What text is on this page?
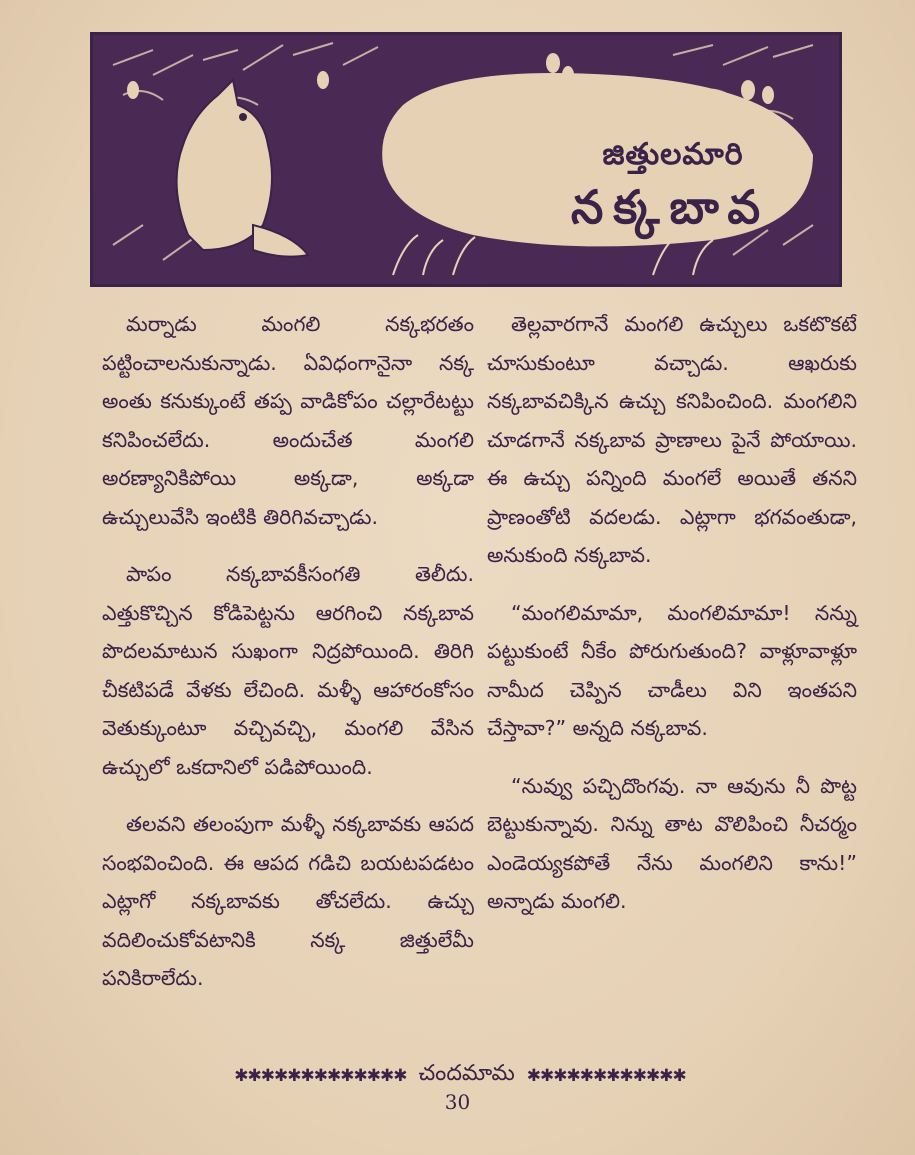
జిత్తులమారి
నక్కబావ

మర్నాడు మంగలి నక్కభరతం పట్టించాలనుకున్నాడు. ఏవిధంగానైనా నక్క అంతు కనుక్కుంటే తప్ప వాడికోపం చల్లారేటట్టు కనిపించలేదు. అందుచేత మంగలి అరణ్యానికిపోయి అక్కడా, అక్కడా ఉచ్చులువేసి ఇంటికి తిరిగివచ్చాడు.

పాపం నక్కబావకీసంగతి తెలీదు. ఎత్తుకొచ్చిన కోడిపెట్టను ఆరగించి నక్కబావ పొదలమాటున సుఖంగా నిద్రపోయింది. తిరిగి చీకటిపడే వేళకు లేచింది. మళ్ళీ ఆహారంకోసం వెతుక్కుంటూ వచ్చివచ్చి, మంగలి వేసిన ఉచ్చులో ఒకదానిలో పడిపోయింది.

తలవని తలంపుగా మళ్ళీ నక్కబావకు ఆపద సంభవించింది. ఈ ఆపద గడిచి బయటపడటం ఎట్లాగో నక్కబావకు తోచలేదు. ఉచ్చు వదిలించుకోవటానికి నక్క జిత్తులేమీ పనికిరాలేదు.

తెల్లవారగానే మంగలి ఉచ్చులు ఒకటొకటే చూసుకుంటూ వచ్చాడు. ఆఖరుకు నక్కబావచిక్కిన ఉచ్చు కనిపించింది. మంగలిని చూడగానే నక్కబావ ప్రాణాలు పైనే పోయాయి. ఈ ఉచ్చు పన్నింది మంగలే అయితే తనని ప్రాణంతోటి వదలడు. ఎట్లాగా భగవంతుడా, అనుకుంది నక్కబావ.

“మంగలిమామా, మంగలిమామా! నన్ను పట్టుకుంటే నీకేం పోరుగుతుంది? వాళ్లూవాళ్లూ నామీద చెప్పిన చాడీలు విని ఇంతపని చేస్తావా?” అన్నది నక్కబావ.

“నువ్వు పచ్చిదొంగవు. నా ఆవును నీ పొట్ట బెట్టుకున్నావు. నిన్ను తాట వొలిపించి నీచర్మం ఎండెయ్యకపోతే నేను మంగలిని కాను!” అన్నాడు మంగలి.

✱✱✱✱✱✱✱✱✱✱✱✱✱ చందమామ ✱✱✱✱✱✱✱✱✱✱✱✱
30
